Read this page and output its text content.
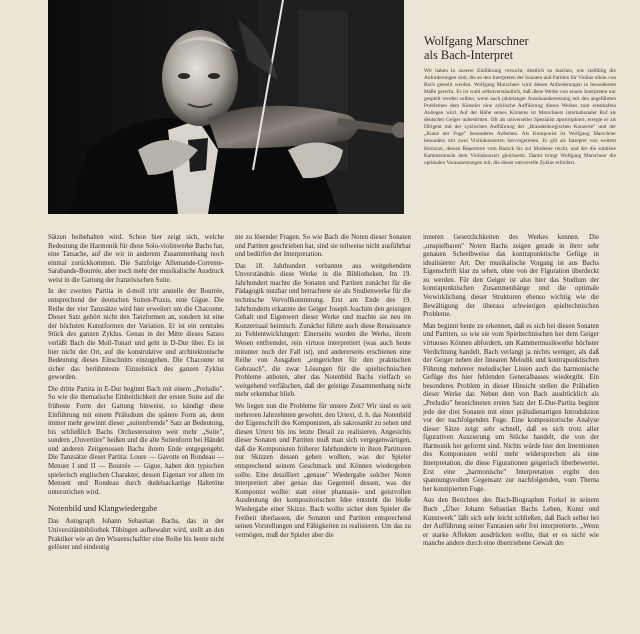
Wolfgang Marschner
als Bach-Interpret
Wir haben in unserer Einführung versucht, deutlich zu machen, wie vielfältig die Anforderungen sind, die an den Interpreten der Sonaten und Partiten für Violine allein von Bach gestellt werden. Wolfgang Marschner wird diesen Anforderungen in besonderem Maße gerecht. Es ist wohl selbstverständlich, daß diese Werke von einem Interpreten nur gespielt werden sollten, wenn nach jahrelanger Auseinandersetzung mit den angeführten Problemen dem Künstler eine zyklische Aufführung dieses Werkes zum ernsthaften Anliegen wird. Auf der Höhe seines Könnens ist Marschners internationaler Ruf als deutscher Geiger unbestritten. Oft als universeller Spezialist apostrophiert, erregte er als Dirigent mit der zyklischen Aufführung der „Brandenburgischen Konzerte" und der „Kunst der Fuge" besonderes Aufsehen. Als Komponist ist Wolfgang Marschner besonders mit zwei Violinkonzerten hervorgetreten. Er gilt als Interpret von weitem Horizont, dessen Repertoire vom Barock bis zur Moderne reicht, und der die subtilste Kammermusik dem Violinkonzert gleichsetzt. Damit bringt Wolfgang Marschner die optimalen Voraussetzungen mit, die dieser universelle Zyklus erfordert.

Sätzen beibehalten wird. Schon hier zeigt sich, welche Bedeutung die Harmonik für diese Solo-violinwerke Bachs hat, eine Tatsache, auf die wir in anderem Zusammenhang noch einmal zurückkommen. Die Satzfolge Allemande-Corrente-Sarabande-Bourrée, aber noch mehr der musikalische Ausdruck weist in die Gattung der französischen Suite.

In der zweiten Partita in d-moll tritt anstelle der Bourrée, entsprechend der deutschen Suiten-Praxis, eine Gigue. Die Reihe der vier Tanzsätze wird hier erweitert um die Chaconne. Dieser Satz gehört nicht den Tanzformen an, sondern ist eine der höchsten Kunstformen der Variation. Er ist ein zentrales Stück des ganzen Zyklus. Genau in der Mitte dieses Satzes verläßt Bach die Moll-Tonart und geht in D-Dur über. Es ist hier nicht der Ort, auf die konstruktive und architektonische Bedeutung dieses Einschnitts einzugehen. Die Chaconne ist sicher das berühmteste Einzelstück des ganzen Zyklus geworden.

Die dritte Partita in E-Dur beginnt Bach mit einem „Preludio". So wie die thematische Einheitlichkeit der ersten Suite auf die früheste Form der Gattung hinweist, so kündigt diese Einführung mit einem Präludium die spätere Form an, denn immer mehr gewinnt dieser „suitenfremde" Satz an Bedeutung, bis schließlich Bachs Orchestersuiten weit mehr „Suite", sondern „Ouvertüre" heißen und die alte Suitenform bei Händel und anderen Zeitgenossen Bachs ihrem Ende entgegengeht. Die Tanzsätze dieser Partita: Loure — Gavotte en Rondeau — Menuet I und II — Bourrée — Gigue, haben den typischen spielerisch englischen Charakter, dessen Eigenart vor allem im Menuett und Rondeau durch dudelsackartige Haltetöne unterstrichen wird.

Notenbild und Klangwiedergabe

Das Autograph Johann Sebastian Bachs, das in der Universitätsbibliothek Tübingen aufbewahrt wird, stellt an den Praktiker wie an den Wissenschaftler eine Reihe bis heute nicht gelöster und eindeutig

nie zu lösender Fragen. So wie Bach die Noten dieser Sonaten und Partiten geschrieben hat, sind sie teilweise nicht ausführbar und bedürfen der Interpretation.

Das 18. Jahrhundert verbannte aus weitgehendem Unverständnis diese Werke in die Bibliotheken. Im 19. Jahrhundert machte die Sonaten und Partiten zunächst für die Pädagogik nutzbar und betrachtete sie als Studienwerke für die technische Vervollkommnung. Erst am Ende des 19. Jahrhunderts erkannte der Geiger Joseph Joachim den geistigen Gehalt und Eigenwert dieser Werke und machte sie neu im Konzertsaal heimisch. Zunächst führte auch diese Renaissance zu Fehlentwicklungen: Einerseits wurden die Werke, ihrem Wesen entfremdet, rein virtuos interpretiert (was auch heute mitunter noch der Fall ist), und andererseits erschienen eine Reihe von Ausgaben „eingerichtet für den praktischen Gebrauch", die zwar Lösungen für die spieltechnischen Probleme anboten, aber das Notenbild Bachs vielfach so weitgehend verfälschen, daß der geistige Zusammenhang nicht mehr erkennbar blieb.

Wo liegen nun die Probleme für unsere Zeit? Wir sind es seit mehreren Jahrzehnten gewohnt, den Urtext, d. h. das Notenbild der Eigenschrift des Komponisten, als sakrosankt zu sehen und diesen Urtext bis ins letzte Detail zu realisieren. Angesichts dieser Sonaten und Partiten muß man sich vergegenwärtigen, daß die Komponisten früherer Jahrhunderte in ihren Partituren nur Skizzen dessen geben wollten, was der Spieler entsprechend seinem Geschmack und Können wiedergeben sollte. Eine detailliert „genaue" Wiedergabe solcher Noten interpretiert aber genau das Gegenteil dessen, was der Komponist wollte: statt einer phantasie- und geistvollen Ausdeutung der kompositorischen Idee entsteht die bloße Wiedergabe einer Skizze. Bach wollte sicher dem Spieler die Freiheit überlassen, die Sonaten und Partiten entsprechend seinen Vorstellungen und Fähigkeiten zu realisieren. Um das zu vermögen, muß der Spieler aber die

inneren Gesetzlichkeiten des Werkes kennen. Die „unspielbaren" Noten Bachs zeigen gerade in ihrer sehr genauen Schreibweise das kontrapunktische Gefüge in idealisierter Art. Der musikalische Vorgang ist aus Bachs Eigenschrift klar zu sehen, ohne von der Figuration überdeckt zu werden. Für den Geiger ist also hier das Studium der kontrapunktischen Zusammenhänge und die optimale Verwirklichung dieser Strukturen ebenso wichtig wie die Bewältigung der überaus schwierigen spieltechnischen Probleme.

Man beginnt heute zu erkennen, daß es sich bei diesen Sonaten und Partiten, so wie sie vom Spieltechnischen her dem Geiger virtuoses Können abfordern, um Kammermusikwerke höchster Verdichtung handelt. Bach verlangt ja nichts weniger, als daß der Geiger neben der linearen Melodik und kontrapunktischen Führung mehrerer melodischer Linien auch das harmonische Gefüge des hier fehlenden Generalbasses wiedergibt. Ein besonderes Problem in dieser Hinsicht stellen die Präludien dieser Werke dar. Neben dem von Bach ausdrücklich als „Preludio" bezeichneten ersten Satz der E-Dur-Partita beginnt jede der drei Sonaten mit einer präludienartigen Introduktion vor der nachfolgenden Fuge. Eine kompositorische Analyse dieser Sätze zeigt sehr schnell, daß es sich trotz aller figurativen Auszierung um Stücke handelt, die von der Harmonik her geformt sind. Nichts würde hier den Intentionen des Komponisten wohl mehr widersprechen als eine Interpretation, die diese Figurationen geigerisch überbewertet. Erst eine „harmonische" Interpretation ergibt den spannungsvollen Gegensatz zur nachfolgenden, vom Thema her konzipierten Fuge.

Aus den Berichten des Bach-Biographen Forkel in seinem Buch „Über Johann Sebastian Bachs Leben, Kunst und Kunstwerk" läßt sich sehr leicht schließen, daß Bach selbst bei der Aufführung seiner Fantasien sehr frei interpretierte. „Wenn er starke Affekten ausdrücken wollte, that er es nicht wie manche andere durch eine übertriebene Gewalt des
